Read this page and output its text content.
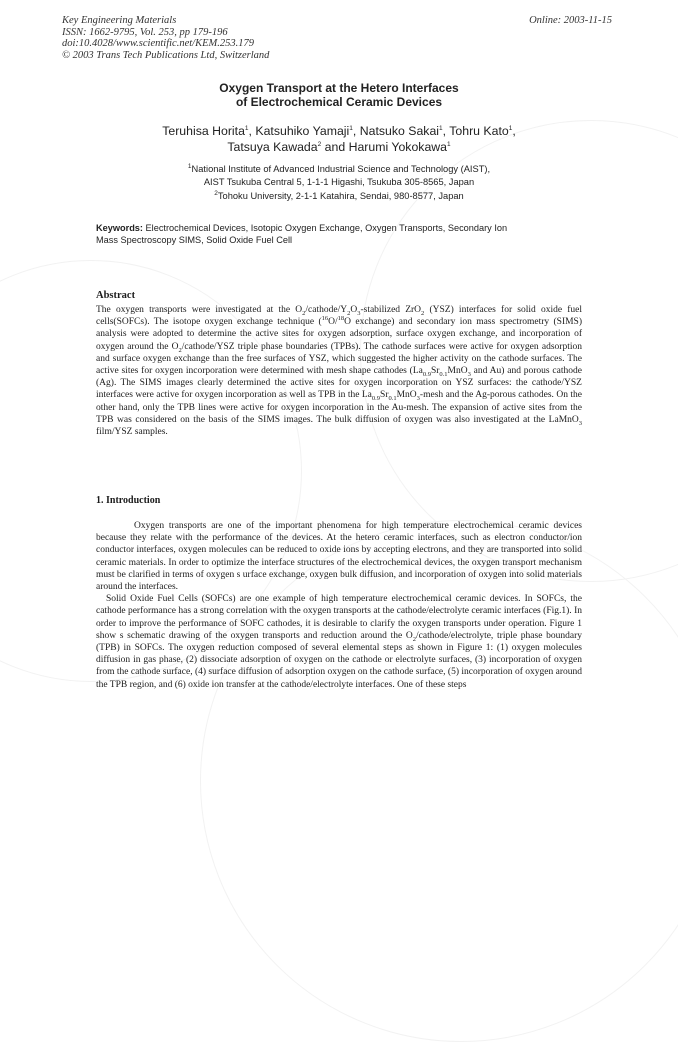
Key Engineering Materials
ISSN: 1662-9795, Vol. 253, pp 179-196
doi:10.4028/www.scientific.net/KEM.253.179
© 2003 Trans Tech Publications Ltd, Switzerland
Online: 2003-11-15
Oxygen Transport at the Hetero Interfaces
of Electrochemical Ceramic Devices
Teruhisa Horita$^1$, Katsuhiko Yamaji$^1$, Natsuko Sakai$^1$, Tohru Kato$^1$,
Tatsuya Kawada$^2$ and Harumi Yokokawa$^1$
$^1$National Institute of Advanced Industrial Science and Technology (AIST),
AIST Tsukuba Central 5, 1-1-1 Higashi, Tsukuba 305-8565, Japan
$^2$Tohoku University, 2-1-1 Katahira, Sendai, 980-8577, Japan
Keywords: Electrochemical Devices, Isotopic Oxygen Exchange, Oxygen Transports, Secondary Ion Mass Spectroscopy SIMS, Solid Oxide Fuel Cell
Abstract

The oxygen transports were investigated at the $O_2/cathode/Y_2O_3$-stabilized ZrO$_2$ (YSZ) interfaces for solid oxide fuel cells(SOFCs). The isotope oxygen exchange technique ($^{16}$O/$^{18}$O exchange) and secondary ion mass spectrometry (SIMS) analysis were adopted to determine the active sites for oxygen adsorption, surface oxygen exchange, and incorporation of oxygen around the $O_2/cathode$/YSZ triple phase boundaries (TPBs). The cathode surfaces were active for oxygen adsorption and surface oxygen exchange than the free surfaces of YSZ, which suggested the higher activity on the cathode surfaces. The active sites for oxygen incorporation were determined with mesh shape cathodes ($La_{0.9}Sr_{0.1}MnO_3$ and Au) and porous cathode (Ag). The SIMS images clearly determined the active sites for oxygen incorporation on YSZ surfaces: the cathode/YSZ interfaces were active for oxygen incorporation as well as TPB in the $La_{0.9}Sr_{0.1}MnO_3$-mesh and the Ag-porous cathodes. On the other hand, only the TPB lines were active for oxygen incorporation in the Au-mesh. The expansion of active sites from the TPB was considered on the basis of the SIMS images. The bulk diffusion of oxygen was also investigated at the LaMnO$_3$ film/YSZ samples.

1. Introduction

Oxygen transports are one of the important phenomena for high temperature electrochemical ceramic devices because they relate with the performance of the devices. At the hetero ceramic interfaces, such as electron conductor/ion conductor interfaces, oxygen molecules can be reduced to oxide ions by accepting electrons, and they are transported into solid ceramic materials. In order to optimize the interface structures of the electrochemical devices, the oxygen transport mechanism must be clarified in terms of oxygen s urface exchange, oxygen bulk diffusion, and incorporation of oxygen into solid materials around the interfaces.

Solid Oxide Fuel Cells (SOFCs) are one example of high temperature electrochemical ceramic devices. In SOFCs, the cathode performance has a strong correlation with the oxygen transports at the cathode/electrolyte ceramic interfaces (Fig.1). In order to improve the performance of SOFC cathodes, it is desirable to clarify the oxygen transports under operation. Figure 1 show s schematic drawing of the oxygen transports and reduction around the $O_2/cathode$/electrolyte, triple phase boundary (TPB) in SOFCs. The oxygen reduction composed of several elemental steps as shown in Figure 1: (1) oxygen molecules diffusion in gas phase, (2) dissociate adsorption of oxygen on the cathode or electrolyte surfaces, (3) incorporation of oxygen from the cathode surface, (4) surface diffusion of adsorption oxygen on the cathode surface, (5) incorporation of oxygen around the TPB region, and (6) oxide ion transfer at the cathode/electrolyte interfaces. One of these steps
